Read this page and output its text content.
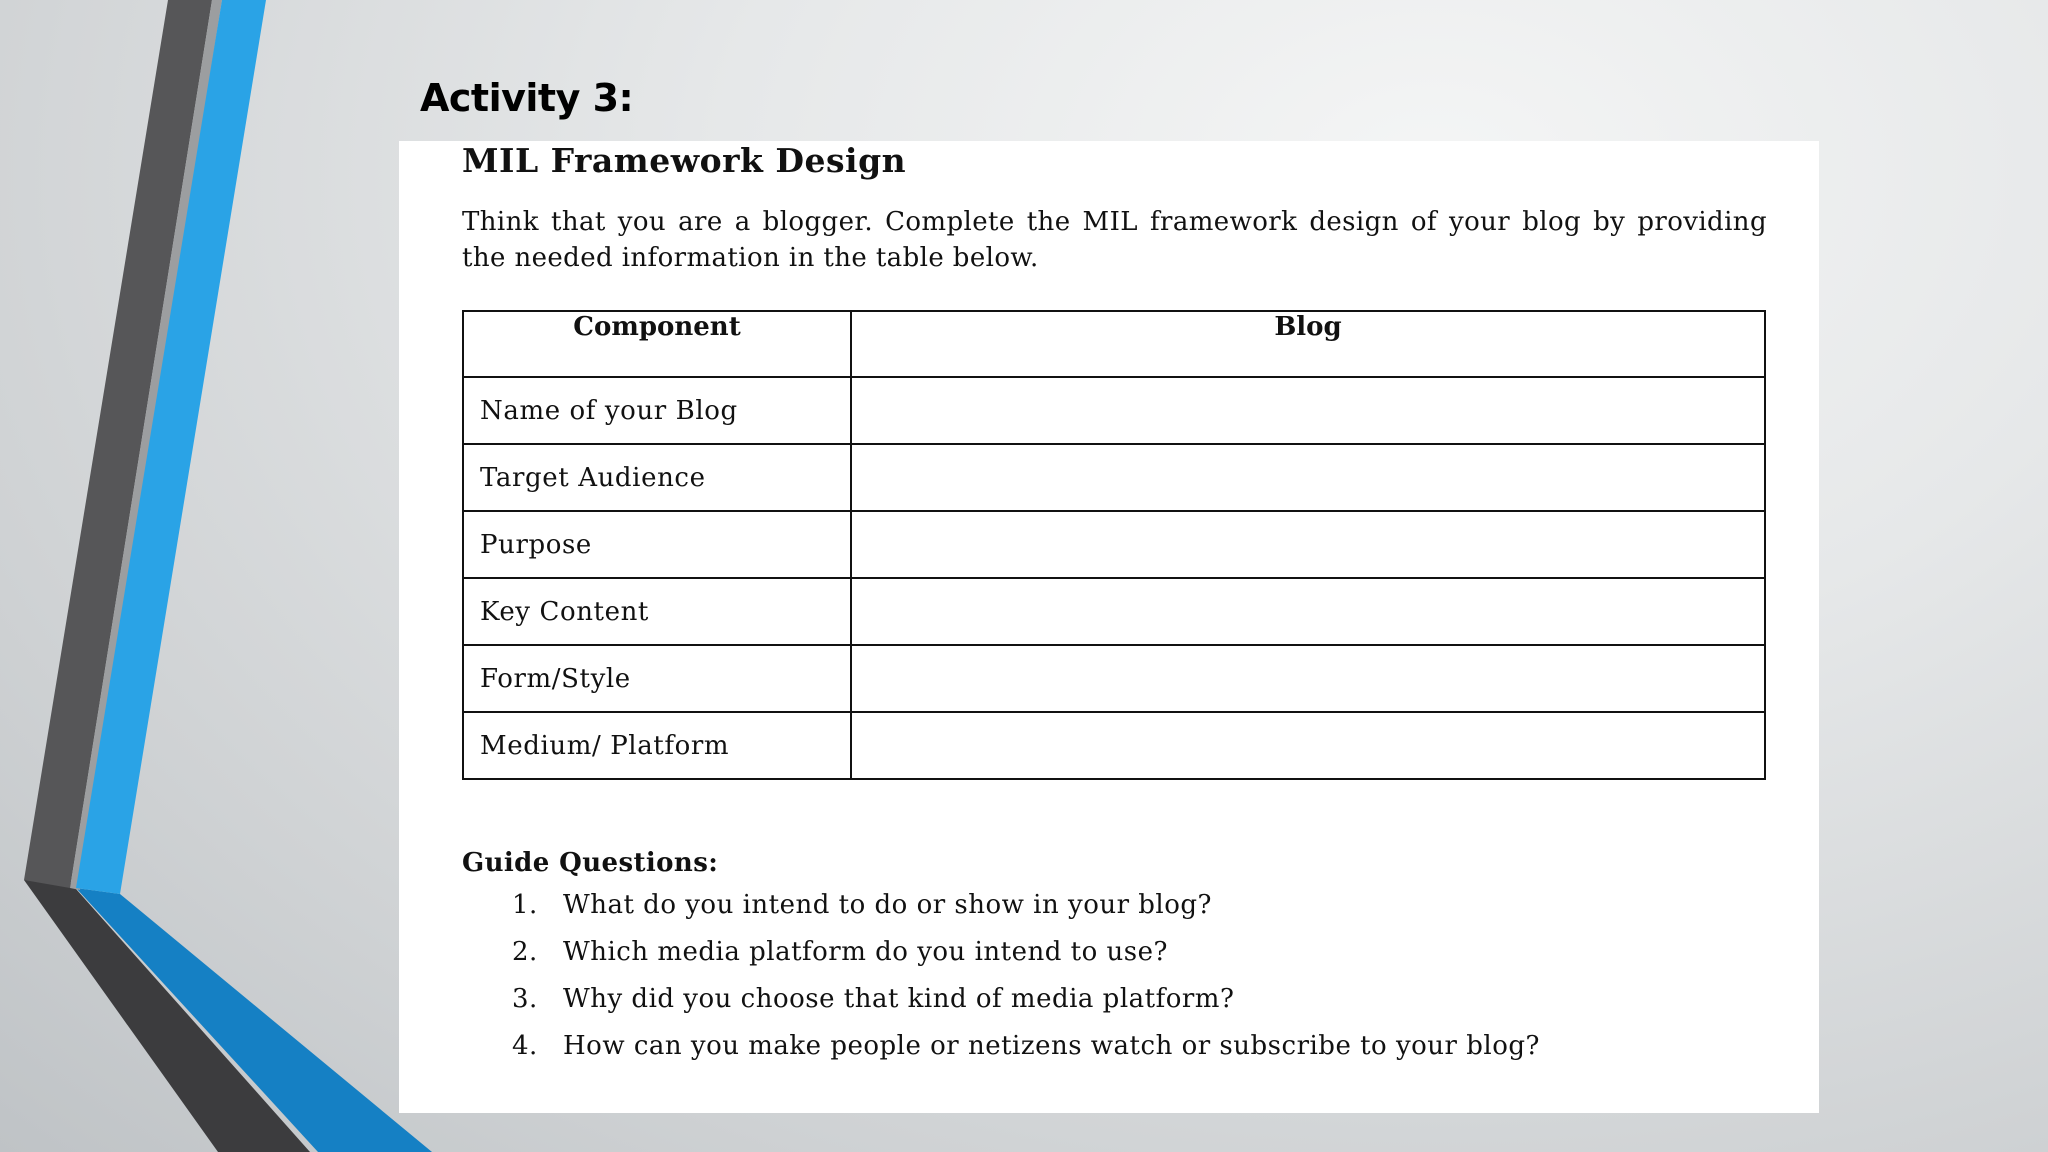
Activity 3:
MIL Framework Design
Think that you are a blogger. Complete the MIL framework design of your blog by providing the needed information in the table below.
Component	Blog
Name of your Blog	
Target Audience	
Purpose	
Key Content	
Form/Style	
Medium/ Platform	
Guide Questions:
1. What do you intend to do or show in your blog?
2. Which media platform do you intend to use?
3. Why did you choose that kind of media platform?
4. How can you make people or netizens watch or subscribe to your blog?
